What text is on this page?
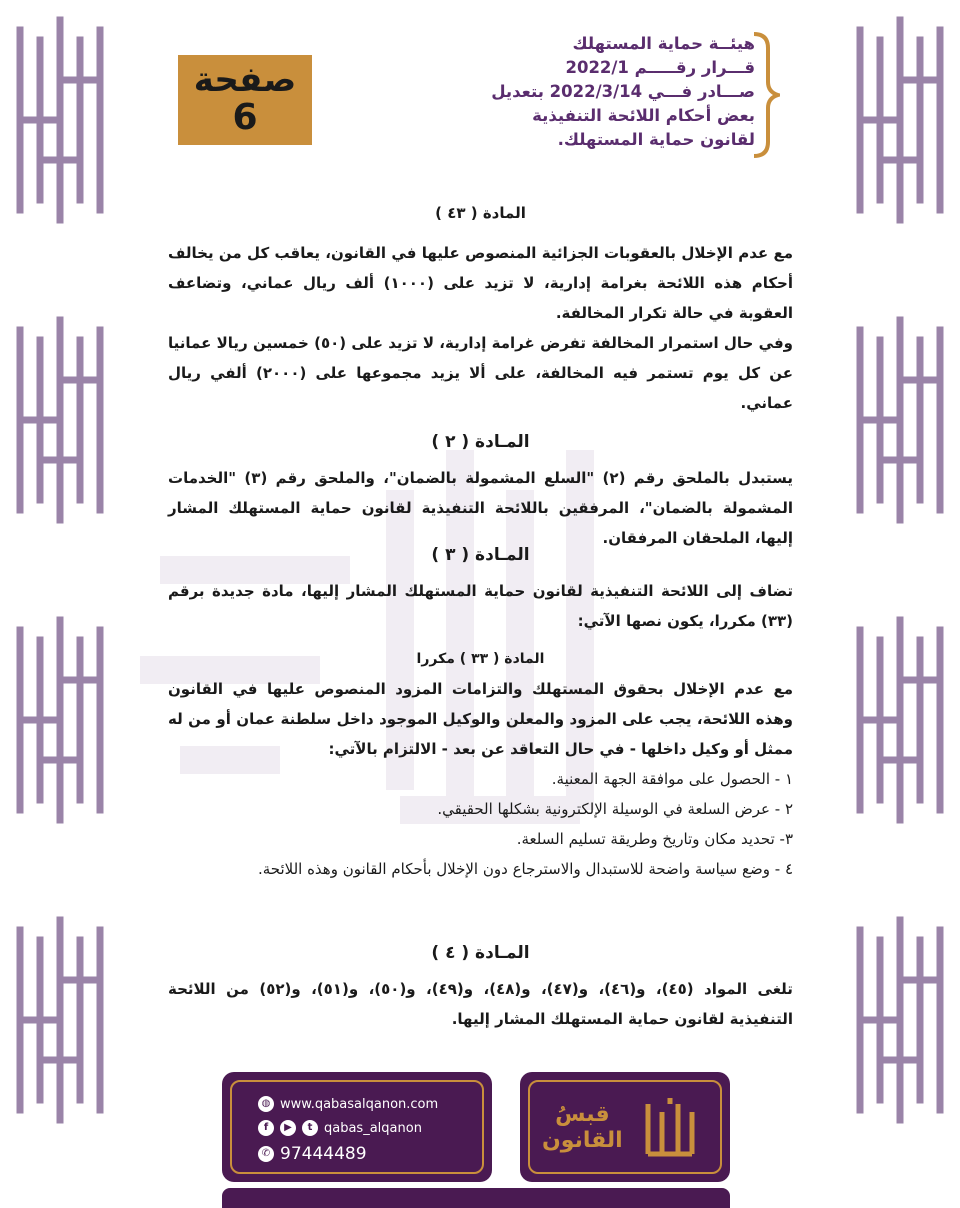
صفحة
6
هيئــة حماية المستهلك
قـــرار رقـــــم 2022/1
صـــادر فـــي 2022/3/14 بتعديل
بعض أحكام اللائحة التنفيذية
لقانون حماية المستهلك.
المادة ( ٤٣ )
مع عدم الإخلال بالعقوبات الجزائية المنصوص عليها في القانون، يعاقب كل من يخالف أحكام هذه اللائحة بغرامة إدارية، لا تزيد على (١٠٠٠) ألف ريال عماني، وتضاعف العقوبة في حالة تكرار المخالفة.
وفي حال استمرار المخالفة تفرض غرامة إدارية، لا تزيد على (٥٠) خمسين ريالا عمانيا عن كل يوم تستمر فيه المخالفة، على ألا يزيد مجموعها على (٢٠٠٠) ألفي ريال عماني.
المـادة ( ٢ )
يستبدل بالملحق رقم (٢) "السلع المشمولة بالضمان"، والملحق رقم (٣) "الخدمات المشمولة بالضمان"، المرفقين باللائحة التنفيذية لقانون حماية المستهلك المشار إليها، الملحقان المرفقان.
المـادة ( ٣ )
تضاف إلى اللائحة التنفيذية لقانون حماية المستهلك المشار إليها، مادة جديدة برقم (٣٣) مكررا، يكون نصها الآتي:
المادة ( ٣٣ ) مكررا
مع عدم الإخلال بحقوق المستهلك والتزامات المزود المنصوص عليها في القانون وهذه اللائحة، يجب على المزود والمعلن والوكيل الموجود داخل سلطنة عمان أو من له ممثل أو وكيل داخلها - في حال التعاقد عن بعد - الالتزام بالآتي:
١ - الحصول على موافقة الجهة المعنية.
٢ - عرض السلعة في الوسيلة الإلكترونية بشكلها الحقيقي.
٣- تحديد مكان وتاريخ وطريقة تسليم السلعة.
٤ - وضع سياسة واضحة للاستبدال والاسترجاع دون الإخلال بأحكام القانون وهذه اللائحة.
المـادة ( ٤ )
تلغى المواد (٤٥)، و(٤٦)، و(٤٧)، و(٤٨)، و(٤٩)، و(٥٠)، و(٥١)، و(٥٢) من اللائحة التنفيذية لقانون حماية المستهلك المشار إليها.
◍ www.qabasalqanon.com
f	▶	t qabas_alqanon
✆ 97444489
قبسُ
القانون
